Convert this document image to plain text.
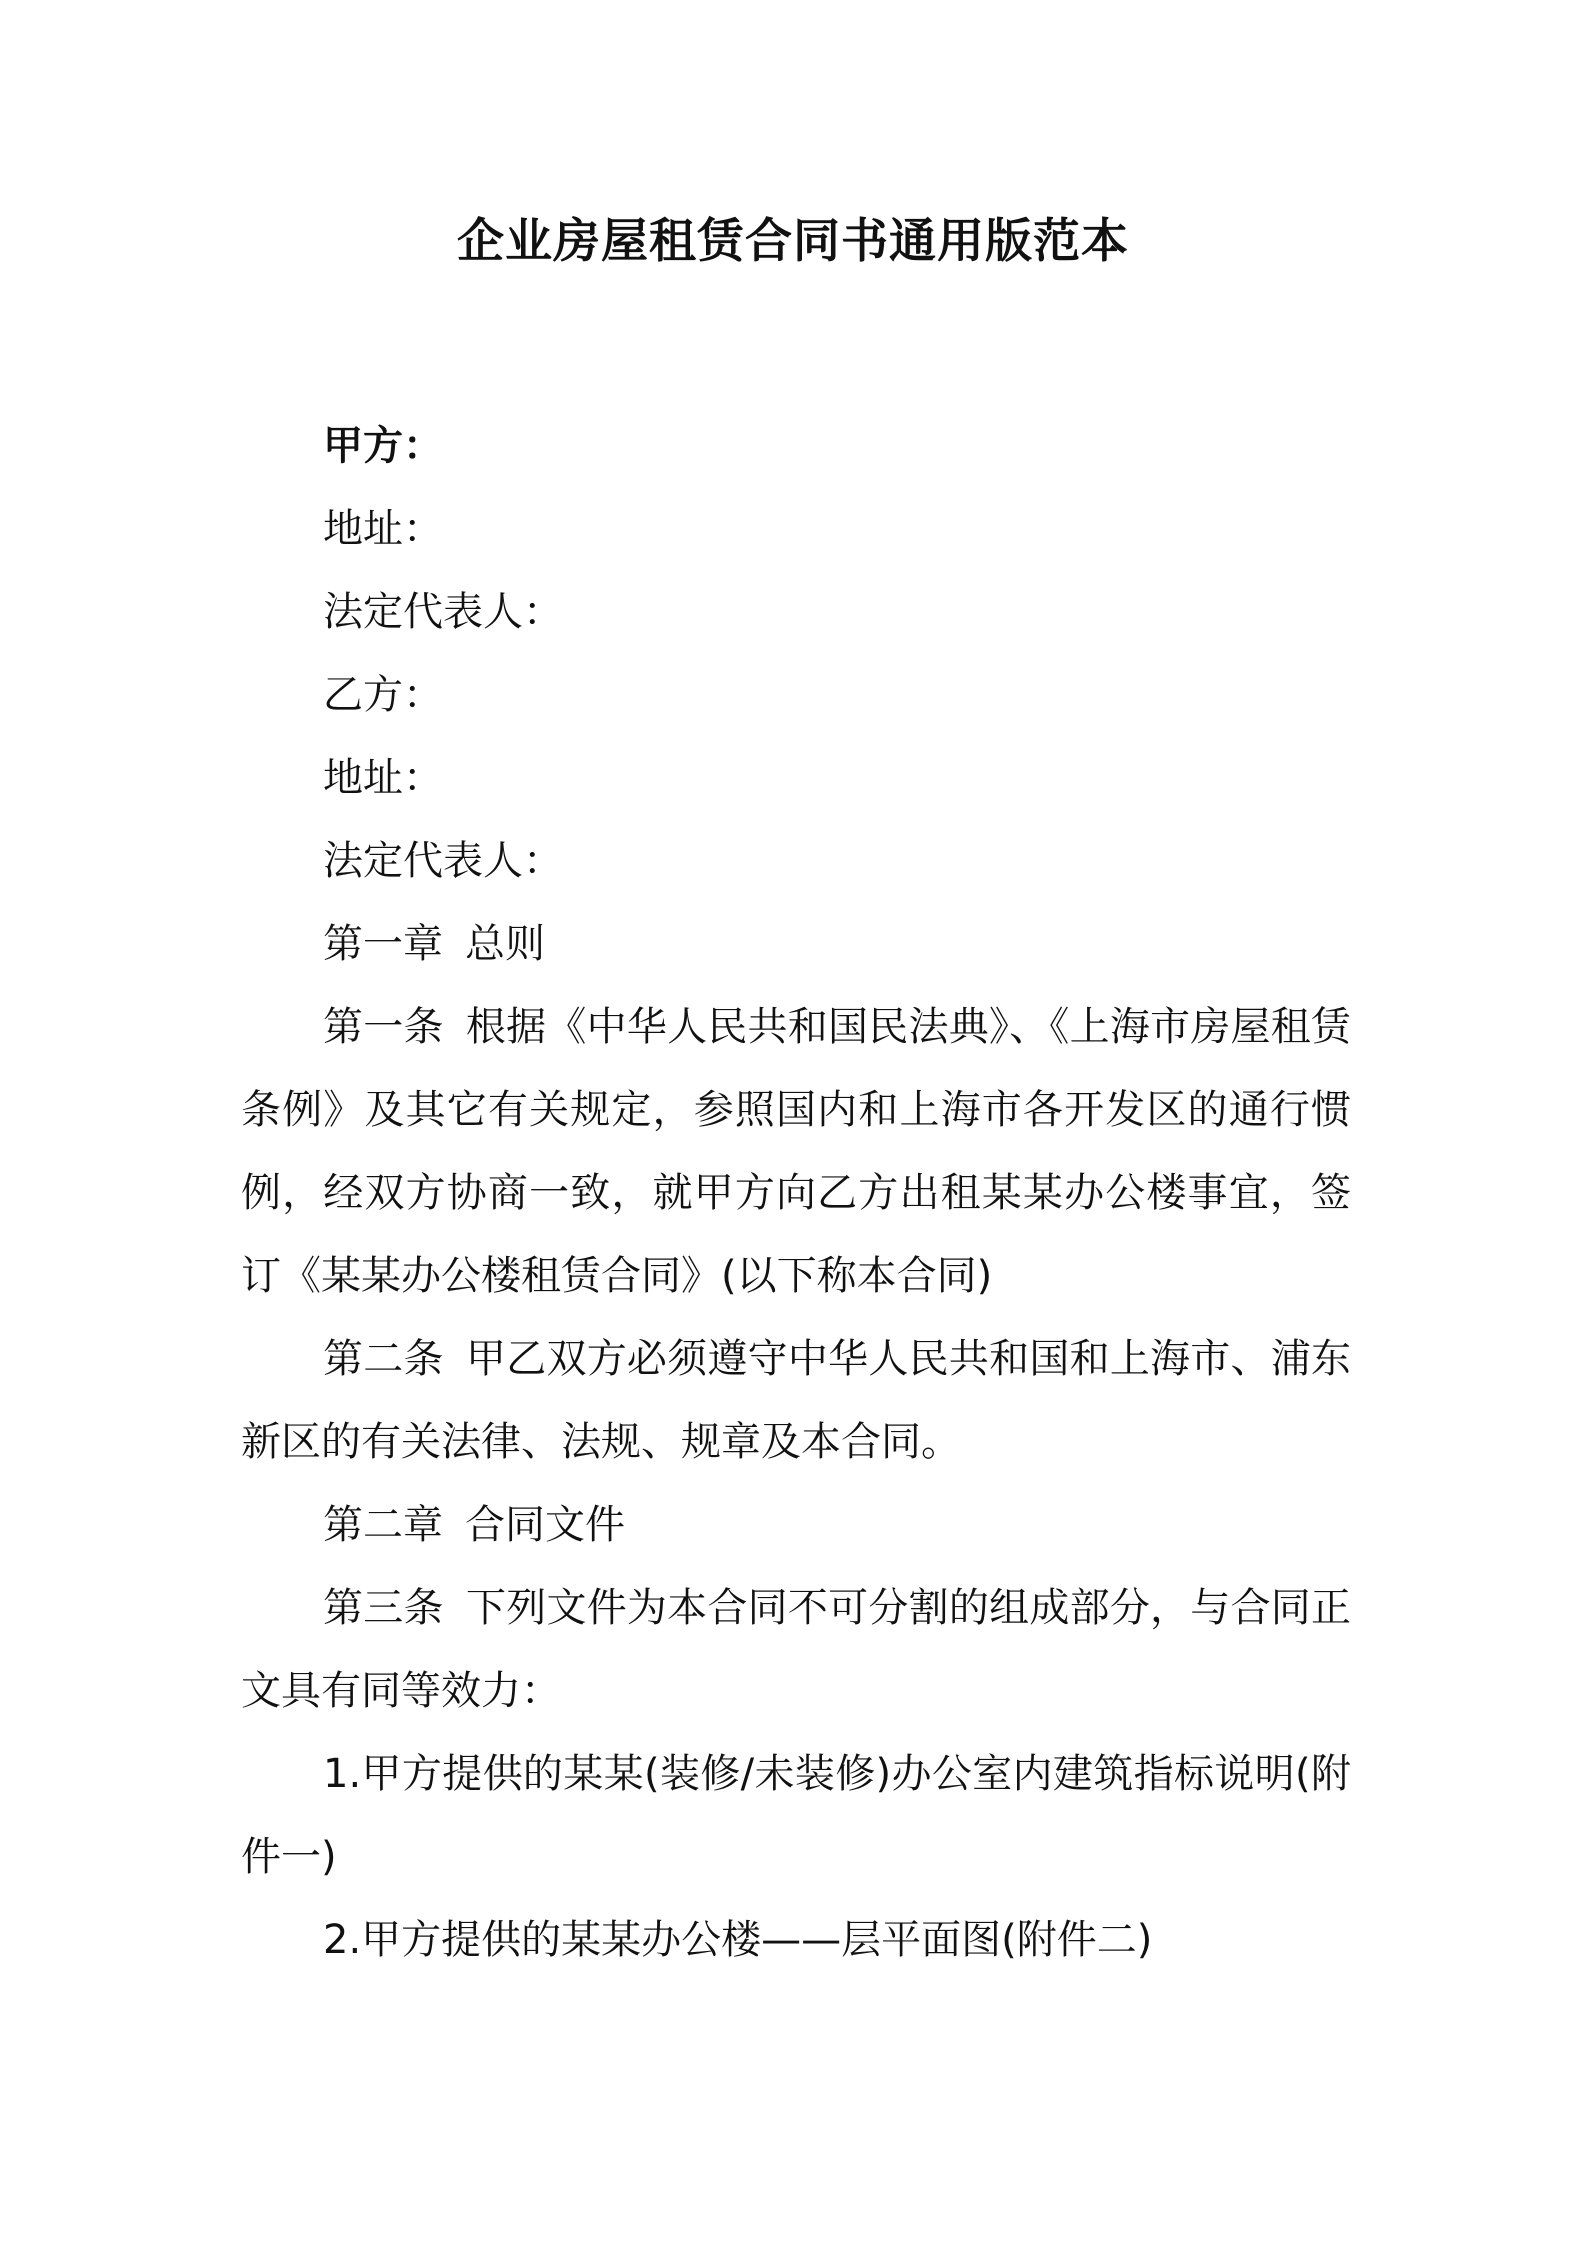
企业房屋租赁合同书通用版范本
甲方：
地址：
法定代表人：
乙方：
地址：
法定代表人：
第一章 总则
第一条 根据《中华人民共和国民法典》、《上海市房屋租赁条例》及其它有关规定，参照国内和上海市各开发区的通行惯例，经双方协商一致，就甲方向乙方出租某某办公楼事宜，签订《某某办公楼租赁合同》(以下称本合同)
第二条 甲乙双方必须遵守中华人民共和国和上海市、浦东新区的有关法律、法规、规章及本合同。
第二章 合同文件
第三条 下列文件为本合同不可分割的组成部分，与合同正文具有同等效力：
1.甲方提供的某某(装修/未装修)办公室内建筑指标说明(附件一)
2.甲方提供的某某办公楼——层平面图(附件二)
